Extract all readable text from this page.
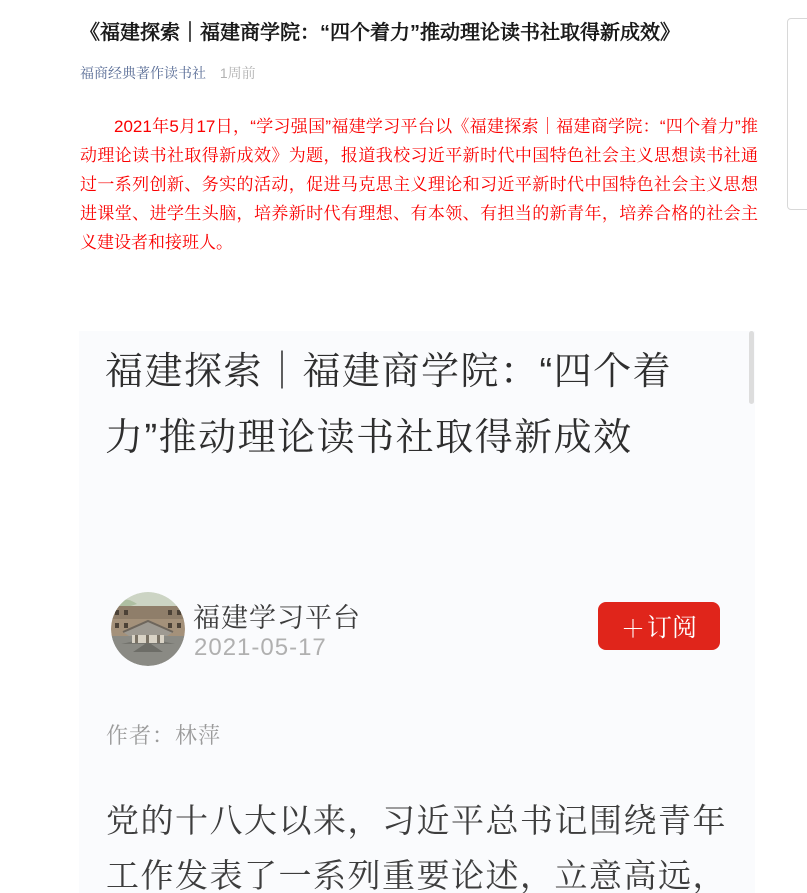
《福建探索｜福建商学院：“四个着力”推动理论读书社取得新成效》
福商经典著作读书社 1周前

2021年5月17日，“学习强国”福建学习平台以《福建探索｜福建商学院：“四个着力”推动理论读书社取得新成效》为题，报道我校习近平新时代中国特色社会主义思想读书社通过一系列创新、务实的活动，促进马克思主义理论和习近平新时代中国特色社会主义思想进课堂、进学生头脑，培养新时代有理想、有本领、有担当的新青年，培养合格的社会主义建设者和接班人。

福建探索｜福建商学院：“四个着力”推动理论读书社取得新成效
福建学习平台
2021-05-17
＋ 订阅
作者：林萍
党的十八大以来，习近平总书记围绕青年
工作发表了一系列重要论述，立意高远，
